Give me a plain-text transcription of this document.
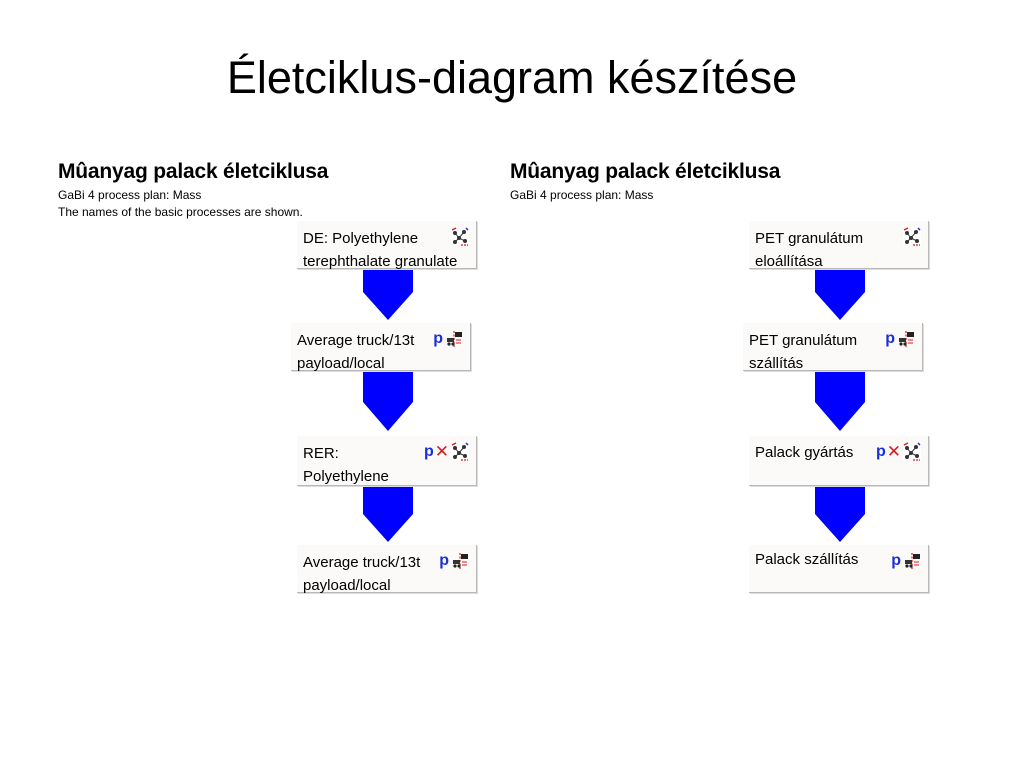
Életciklus-diagram készítése
Mûanyag palack életciklusa

GaBi 4 process plan: Mass
The names of the basic processes are shown.

DE: Polyethylene
terephthalate granulate

Average truck/13t
payload/local

p

RER:
Polyethylene

p ✕

Average truck/13t
payload/local

p
Mûanyag palack életciklusa

GaBi 4 process plan: Mass

PET granulátum
eloállítása

PET granulátum
szállítás

p

Palack gyártás p ✕

Palack szállítás p
